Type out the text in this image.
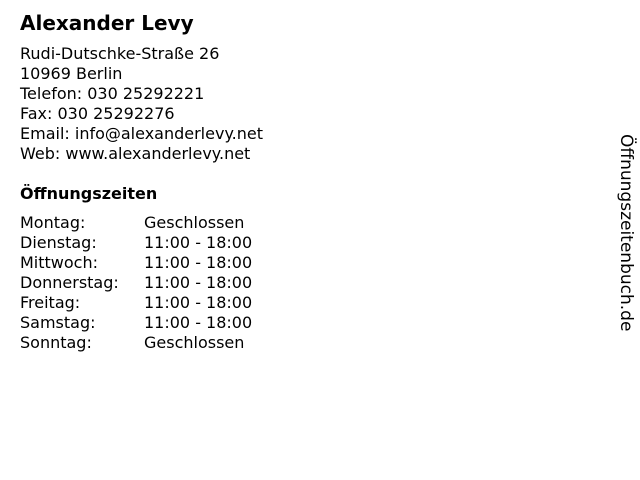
Alexander Levy
Rudi-Dutschke-Straße 26
10969 Berlin
Telefon: 030 25292221
Fax: 030 25292276
Email: info@alexanderlevy.net
Web: www.alexanderlevy.net
Öffnungszeiten
Montag:	Geschlossen
Dienstag:	11:00 - 18:00
Mittwoch:	11:00 - 18:00
Donnerstag:	11:00 - 18:00
Freitag:	11:00 - 18:00
Samstag:	11:00 - 18:00
Sonntag:	Geschlossen
Öffnungszeitenbuch.de
